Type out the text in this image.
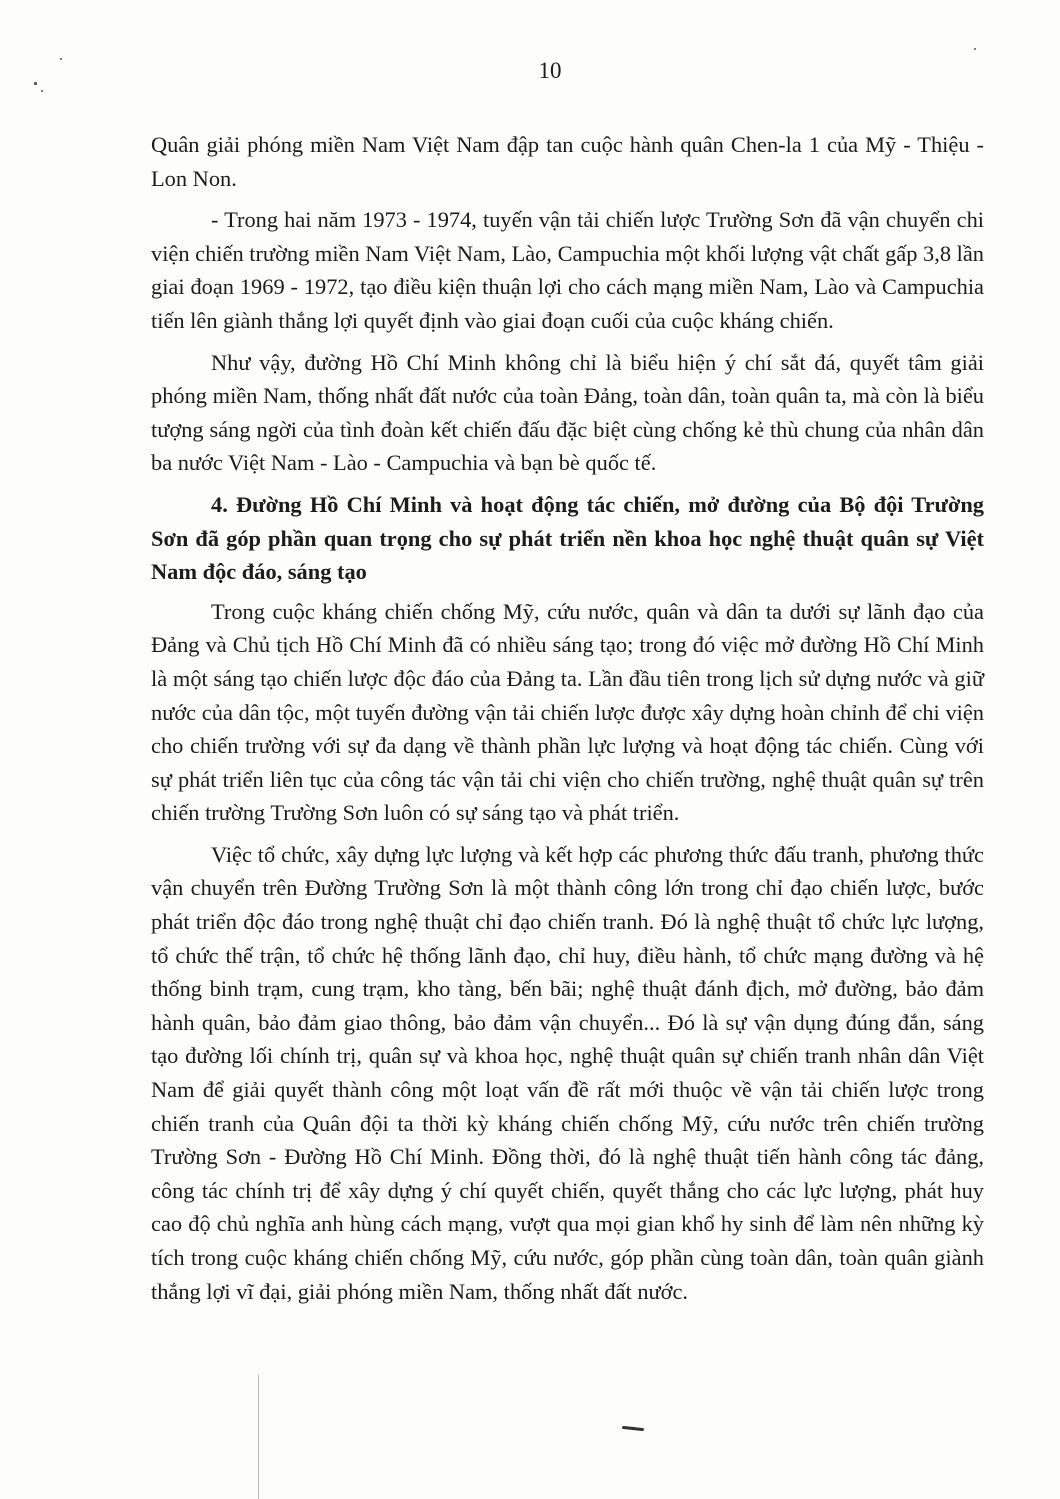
10

Quân giải phóng miền Nam Việt Nam đập tan cuộc hành quân Chen-la 1 của Mỹ - Thiệu - Lon Non.

- Trong hai năm 1973 - 1974, tuyến vận tải chiến lược Trường Sơn đã vận chuyển chi viện chiến trường miền Nam Việt Nam, Lào, Campuchia một khối lượng vật chất gấp 3,8 lần giai đoạn 1969 - 1972, tạo điều kiện thuận lợi cho cách mạng miền Nam, Lào và Campuchia tiến lên giành thắng lợi quyết định vào giai đoạn cuối của cuộc kháng chiến.

Như vậy, đường Hồ Chí Minh không chỉ là biểu hiện ý chí sắt đá, quyết tâm giải phóng miền Nam, thống nhất đất nước của toàn Đảng, toàn dân, toàn quân ta, mà còn là biểu tượng sáng ngời của tình đoàn kết chiến đấu đặc biệt cùng chống kẻ thù chung của nhân dân ba nước Việt Nam - Lào - Campuchia và bạn bè quốc tế.

4. Đường Hồ Chí Minh và hoạt động tác chiến, mở đường của Bộ đội Trường Sơn đã góp phần quan trọng cho sự phát triển nền khoa học nghệ thuật quân sự Việt Nam độc đáo, sáng tạo

Trong cuộc kháng chiến chống Mỹ, cứu nước, quân và dân ta dưới sự lãnh đạo của Đảng và Chủ tịch Hồ Chí Minh đã có nhiều sáng tạo; trong đó việc mở đường Hồ Chí Minh là một sáng tạo chiến lược độc đáo của Đảng ta. Lần đầu tiên trong lịch sử dựng nước và giữ nước của dân tộc, một tuyến đường vận tải chiến lược được xây dựng hoàn chỉnh để chi viện cho chiến trường với sự đa dạng về thành phần lực lượng và hoạt động tác chiến. Cùng với sự phát triển liên tục của công tác vận tải chi viện cho chiến trường, nghệ thuật quân sự trên chiến trường Trường Sơn luôn có sự sáng tạo và phát triển.

Việc tổ chức, xây dựng lực lượng và kết hợp các phương thức đấu tranh, phương thức vận chuyển trên Đường Trường Sơn là một thành công lớn trong chỉ đạo chiến lược, bước phát triển độc đáo trong nghệ thuật chỉ đạo chiến tranh. Đó là nghệ thuật tổ chức lực lượng, tổ chức thế trận, tổ chức hệ thống lãnh đạo, chỉ huy, điều hành, tổ chức mạng đường và hệ thống binh trạm, cung trạm, kho tàng, bến bãi; nghệ thuật đánh địch, mở đường, bảo đảm hành quân, bảo đảm giao thông, bảo đảm vận chuyển... Đó là sự vận dụng đúng đắn, sáng tạo đường lối chính trị, quân sự và khoa học, nghệ thuật quân sự chiến tranh nhân dân Việt Nam để giải quyết thành công một loạt vấn đề rất mới thuộc về vận tải chiến lược trong chiến tranh của Quân đội ta thời kỳ kháng chiến chống Mỹ, cứu nước trên chiến trường Trường Sơn - Đường Hồ Chí Minh. Đồng thời, đó là nghệ thuật tiến hành công tác đảng, công tác chính trị để xây dựng ý chí quyết chiến, quyết thắng cho các lực lượng, phát huy cao độ chủ nghĩa anh hùng cách mạng, vượt qua mọi gian khổ hy sinh để làm nên những kỳ tích trong cuộc kháng chiến chống Mỹ, cứu nước, góp phần cùng toàn dân, toàn quân giành thắng lợi vĩ đại, giải phóng miền Nam, thống nhất đất nước.
